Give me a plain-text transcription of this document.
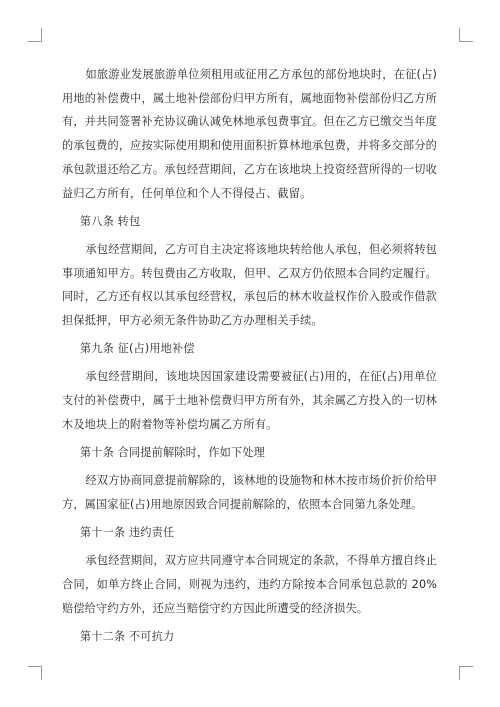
如旅游业发展旅游单位须租用或征用乙方承包的部份地块时，在征(占)用地的补偿费中，属土地补偿部份归甲方所有，属地面物补偿部份归乙方所有，并共同签署补充协议确认减免林地承包费事宜。但在乙方已缴交当年度的承包费的，应按实际使用期和使用面积折算林地承包费，并将多交部分的承包款退还给乙方。承包经营期间，乙方在该地块上投资经营所得的一切收益归乙方所有，任何单位和个人不得侵占、截留。

第八条 转包

承包经营期间，乙方可自主决定将该地块转给他人承包，但必须将转包事项通知甲方。转包费由乙方收取，但甲、乙双方仍依照本合同约定履行。同时，乙方还有权以其承包经营权，承包后的林木收益权作价入股或作借款担保抵押，甲方必须无条件协助乙方办理相关手续。

第九条 征(占)用地补偿

承包经营期间，该地块因国家建设需要被征(占)用的，在征(占)用单位支付的补偿费中，属于土地补偿费归甲方所有外，其余属乙方投入的一切林木及地块上的附着物等补偿均属乙方所有。

第十条 合同提前解除时，作如下处理

经双方协商同意提前解除的，该林地的设施物和林木按市场价折价给甲方，属国家征(占)用地原因致合同提前解除的，依照本合同第九条处理。

第十一条 违约责任

承包经营期间，双方应共同遵守本合同规定的条款，不得单方擅自终止合同，如单方终止合同，则视为违约，违约方除按本合同承包总款的 20%赔偿给守约方外，还应当赔偿守约方因此所遭受的经济损失。

第十二条 不可抗力
